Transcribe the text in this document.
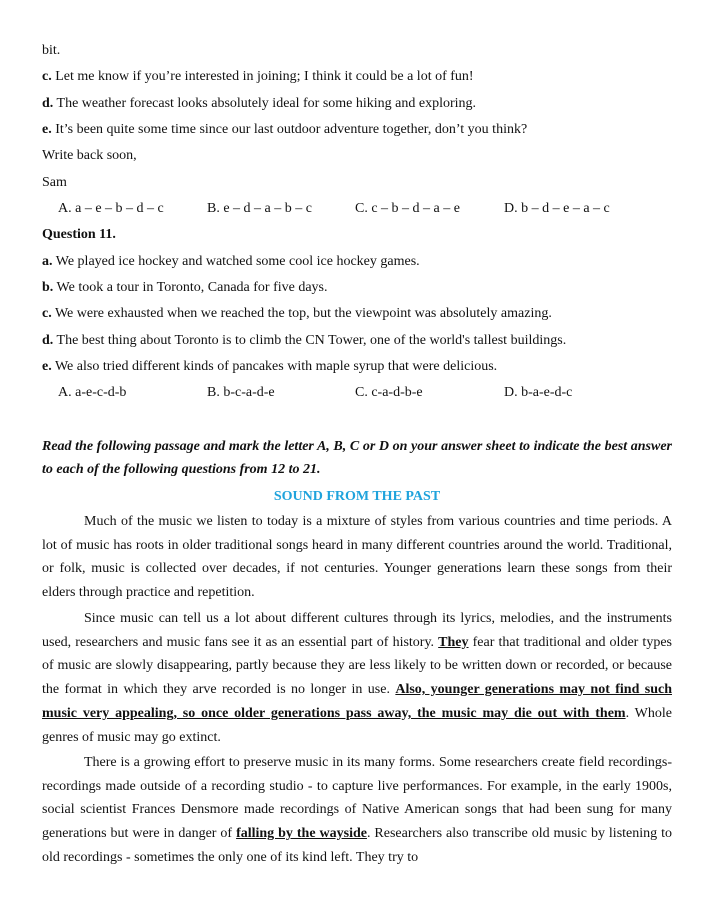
bit.
c. Let me know if you’re interested in joining; I think it could be a lot of fun!
d. The weather forecast looks absolutely ideal for some hiking and exploring.
e. It’s been quite some time since our last outdoor adventure together, don’t you think?
Write back soon,
Sam
A. a – e – b – d – c	B. e – d – a – b – c	C. c – b – d – a – e	D. b – d – e – a – c
Question 11.
a. We played ice hockey and watched some cool ice hockey games.
b. We took a tour in Toronto, Canada for five days.
c. We were exhausted when we reached the top, but the viewpoint was absolutely amazing.
d. The best thing about Toronto is to climb the CN Tower, one of the world's tallest buildings.
e. We also tried different kinds of pancakes with maple syrup that were delicious.
A. a-e-c-d-b	B. b-c-a-d-e	C. c-a-d-b-e	D. b-a-e-d-c
Read the following passage and mark the letter A, B, C or D on your answer sheet to indicate the best answer to each of the following questions from 12 to 21.
SOUND FROM THE PAST
Much of the music we listen to today is a mixture of styles from various countries and time periods. A lot of music has roots in older traditional songs heard in many different countries around the world. Traditional, or folk, music is collected over decades, if not centuries. Younger generations learn these songs from their elders through practice and repetition.
Since music can tell us a lot about different cultures through its lyrics, melodies, and the instruments used, researchers and music fans see it as an essential part of history. They fear that traditional and older types of music are slowly disappearing, partly because they are less likely to be written down or recorded, or because the format in which they arve recorded is no longer in use. Also, younger generations may not find such music very appealing, so once older generations pass away, the music may die out with them. Whole genres of music may go extinct.
There is a growing effort to preserve music in its many forms. Some researchers create field recordings- recordings made outside of a recording studio - to capture live performances. For example, in the early 1900s, social scientist Frances Densmore made recordings of Native American songs that had been sung for many generations but were in danger of falling by the wayside. Researchers also transcribe old music by listening to old recordings - sometimes the only one of its kind left. They try to
